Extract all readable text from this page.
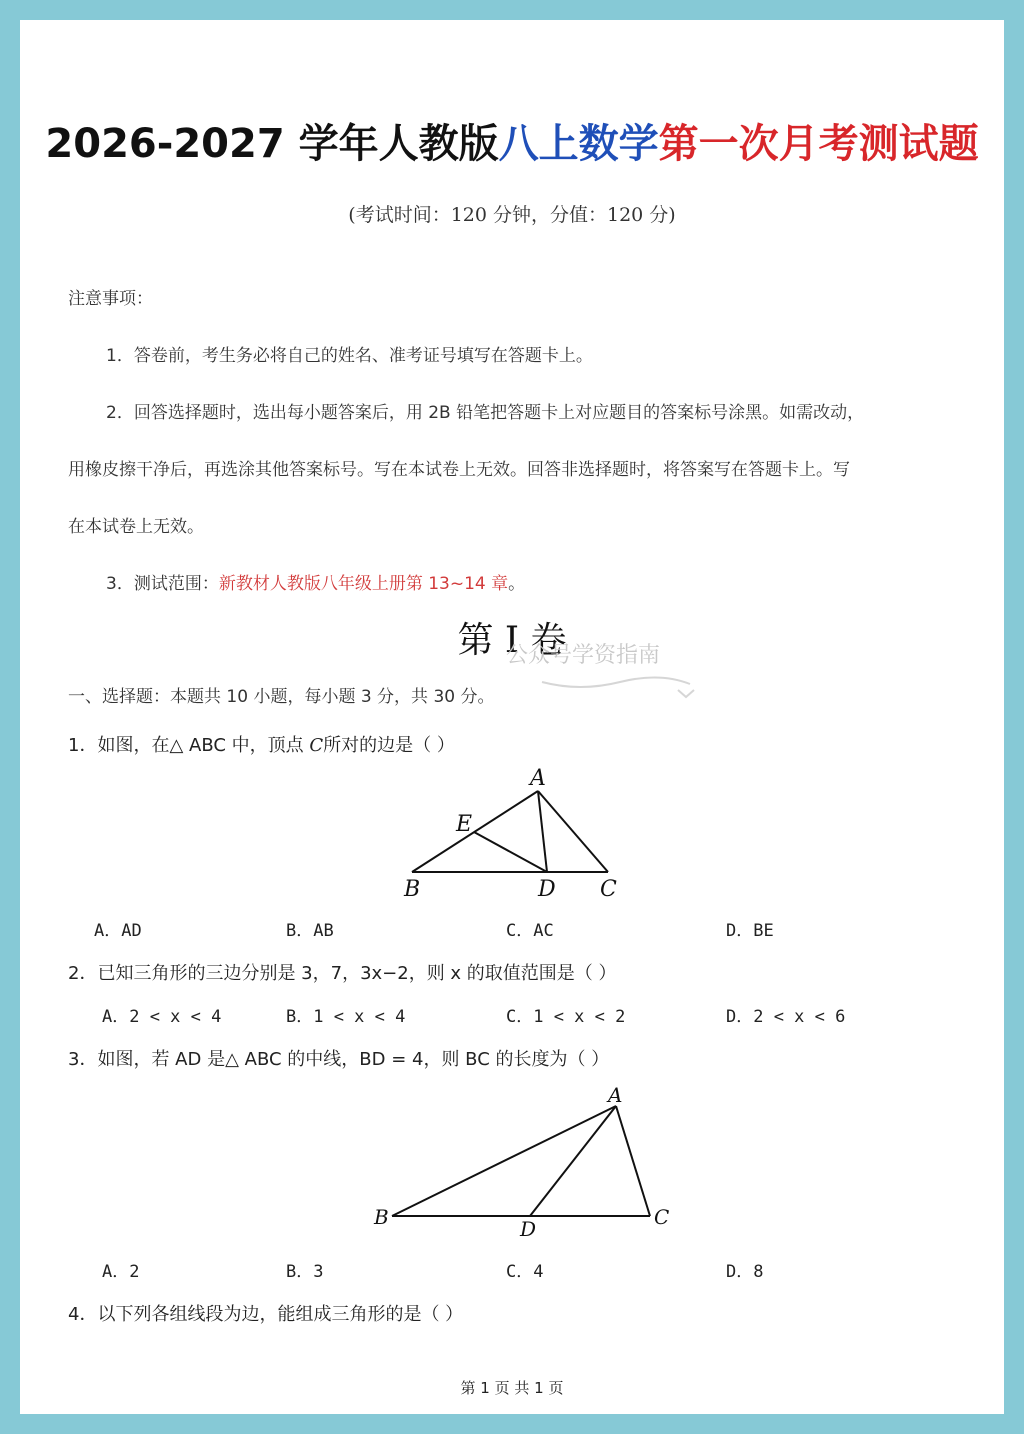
2026-2027 学年人教版八上数学第一次月考测试题
(考试时间：120 分钟，分值：120 分)
注意事项：
1．答卷前，考生务必将自己的姓名、准考证号填写在答题卡上。
2．回答选择题时，选出每小题答案后，用 2B 铅笔把答题卡上对应题目的答案标号涂黑。如需改动，
用橡皮擦干净后，再选涂其他答案标号。写在本试卷上无效。回答非选择题时，将答案写在答题卡上。写
在本试卷上无效。
3．测试范围：新教材人教版八年级上册第 13~14 章。
第 I 卷
公众号学资指南
一、选择题：本题共 10 小题，每小题 3 分，共 30 分。
1．如图，在△ ABC 中，顶点 C所对的边是（ ）
A
E
B	D C
A．AD	B．AB	C．AC	D．BE
2．已知三角形的三边分别是 3，7，3x−2，则 x 的取值范围是（ ）
A．2 < x < 4	B．1 < x < 4	C．1 < x < 2	D．2 < x < 6
3．如图，若 AD 是△ ABC 的中线，BD = 4，则 BC 的长度为（ ）
A
B	D	C
A．2	B．3	C．4	D．8
4．以下列各组线段为边，能组成三角形的是（ ）
第 1 页 共 1 页
